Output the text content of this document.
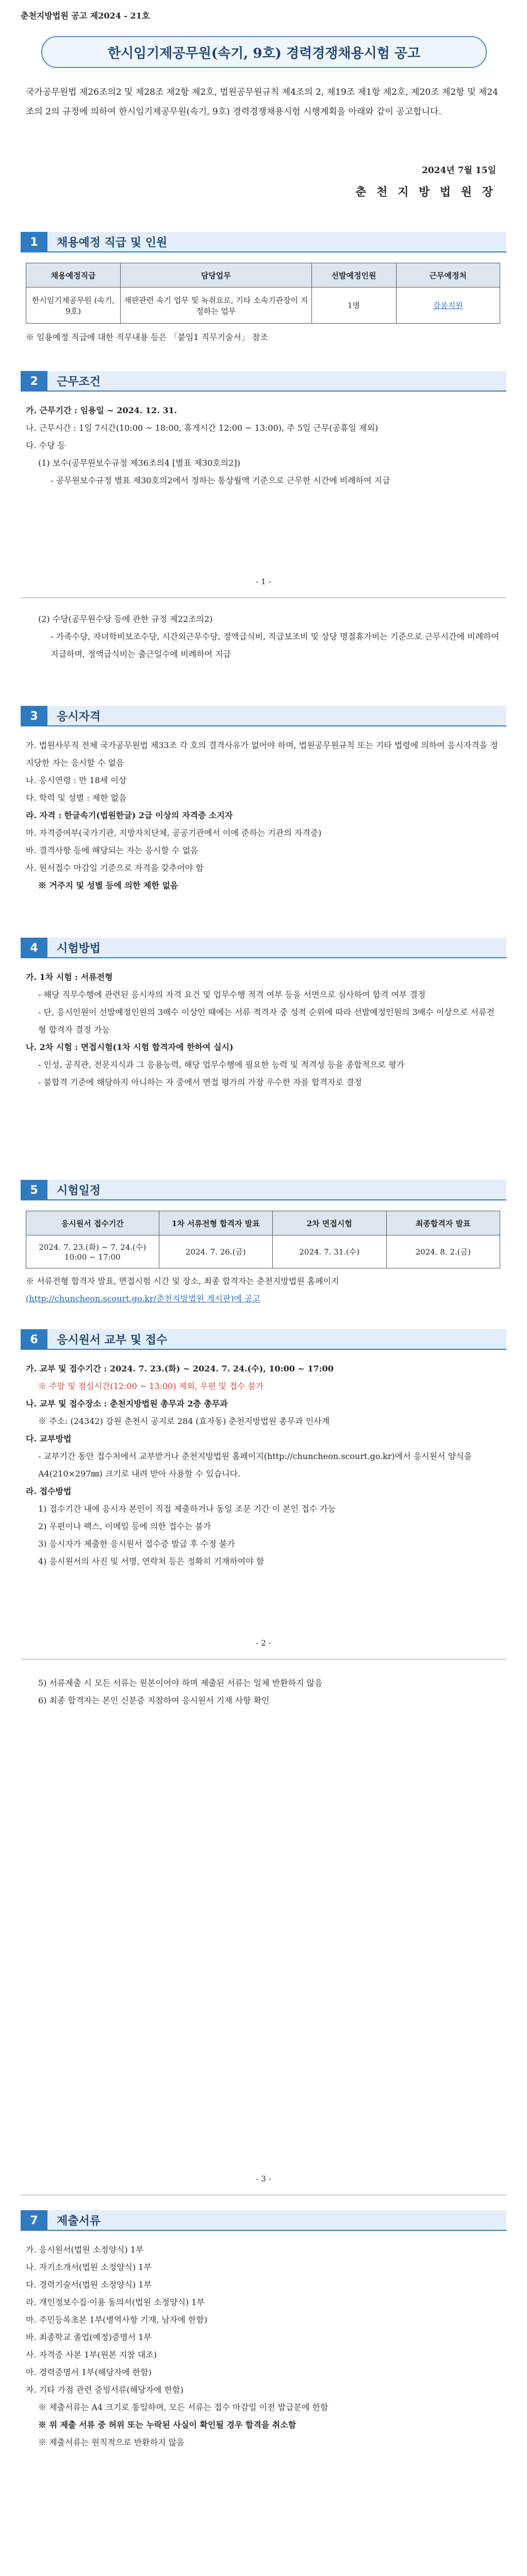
춘천지방법원 공고 제2024 - 21호
한시임기제공무원(속기, 9호) 경력경쟁채용시험 공고
국가공무원법 제26조의2 및 제28조 제2항 제2호, 법원공무원규칙 제4조의 2, 제19조 제1항 제2호, 제20조 제2항 및 제24조의 2의 규정에 의하여 한시임기제공무원(속기, 9호) 경력경쟁채용시험 시행계획을 아래와 같이 공고합니다.
2024년 7월 15일
춘 천 지 방 법 원 장
1	채용예정 직급 및 인원
채용예정직급	담당업무	선발예정인원	근무예정처
한시임기제공무원 (속기, 9호)	재판관련 속기 업무 및 녹취요로, 기타 소속기관장이 지정하는 업무	1명	강릉지원
※ 임용예정 직급에 대한 직무내용 등은 「붙임1 직무기술서」 참조
2	근무조건

가. 근무기간 : 임용일 ~ 2024. 12. 31.

나. 근무시간 : 1일 7시간(10:00 ~ 18:00, 휴게시간 12:00 ~ 13:00), 주 5일 근무(공휴일 제외)

다. 수당 등

(1) 보수(공무원보수규정 제36조의4 [별표 제30호의2])

- 공무원보수규정 별표 제30호의2에서 정하는 통상월액 기준으로 근무한 시간에 비례하여 지급

- 1 -

(2) 수당(공무원수당 등에 관한 규정 제22조의2)

- 가족수당, 자녀학비보조수당, 시간외근무수당, 정액급식비, 직급보조비 및 상당 명절휴가비는 기준으로 근무시간에 비례하여 지급하며, 정액급식비는 출근일수에 비례하여 지급

3	응시자격

가. 법원사무직 전체 국가공무원법 제33조 각 호의 결격사유가 없어야 하며, 법원공무원규칙 또는 기타 법령에 의하여 응시자격을 정지당한 자는 응시할 수 없음

나. 응시연령 : 만 18세 이상

다. 학력 및 성별 : 제한 없음

라. 자격 : 한글속기(법원한글) 2급 이상의 자격증 소지자

마. 자격증여부(국가기관, 지방자치단체, 공공기관에서 이에 준하는 기관의 자격증)

바. 결격사항 등에 해당되는 자는 응시할 수 없음

사. 원서접수 마감일 기준으로 자격을 갖추어야 함

※ 거주지 및 성별 등에 의한 제한 없음

4	시험방법

가. 1차 시험 : 서류전형

- 해당 직무수행에 관련된 응시자의 자격 요건 및 업무수행 적격 여부 등을 서면으로 심사하여 합격 여부 결정

- 단, 응시인원이 선발예정인원의 3배수 이상인 때에는 서류 적격자 중 성적 순위에 따라 선발예정인원의 3배수 이상으로 서류전형 합격자 결정 가능

나. 2차 시험 : 면접시험(1차 시험 합격자에 한하여 실시)

- 인성, 공직관, 전문지식과 그 응용능력, 해당 업무수행에 필요한 능력 및 적격성 등을 종합적으로 평가

- 불합격 기준에 해당하지 아니하는 자 중에서 면접 평가의 가장 우수한 자를 합격자로 결정

5	시험일정
응시원서 접수기간	1차 서류전형 합격자 발표	2차 면접시험	최종합격자 발표
2024. 7. 23.(화) ~ 7. 24.(수) 10:00 ~ 17:00	2024. 7. 26.(금)	2024. 7. 31.(수)	2024. 8. 2.(금)

※ 서류전형 합격자 발표, 면접시험 시간 및 장소, 최종 합격자는 춘천지방법원 홈페이지

(http://chuncheon.scourt.go.kr/춘천지방법원 게시판)에 공고

6	응시원서 교부 및 접수

가. 교부 및 접수기간 : 2024. 7. 23.(화) ~ 2024. 7. 24.(수), 10:00 ~ 17:00

※ 주말 및 점심시간(12:00 ~ 13:00) 제외, 우편 및 접수 불가

나. 교부 및 접수장소 : 춘천지방법원 총무과 2층 총무과

※ 주소: (24342) 강원 춘천시 공지로 284 (효자동) 춘천지방법원 총무과 인사계

다. 교부방법

- 교부기간 동안 접수처에서 교부받거나 춘천지방법원 홈페이지(http://chuncheon.scourt.go.kr)에서 응시원서 양식을 A4(210×297㎜) 크기로 내려 받아 사용할 수 있습니다.

라. 접수방법

1) 접수기간 내에 응시자 본인이 직접 제출하거나 동일 조문 기간 이 본인 접수 가능

2) 우편이나 팩스, 이메일 등에 의한 접수는 불가

3) 응시자가 제출한 응시원서 접수증 발급 후 수정 불가

4) 응시원서의 사진 및 서명, 연락처 등은 정확히 기재하여야 함

- 2 -

5) 서류제출 시 모든 서류는 원본이어야 하며 제출된 서류는 일체 반환하지 않음

6) 최종 합격자는 본인 신분증 지참하여 응시원서 기재 사항 확인

- 3 -
7	제출서류

가. 응시원서(법원 소정양식) 1부

나. 자기소개서(법원 소정양식) 1부

다. 경력기술서(법원 소정양식) 1부

라. 개인정보수집·이용 동의서(법원 소정양식) 1부

마. 주민등록초본 1부(병역사항 기재, 남자에 한함)

바. 최종학교 졸업(예정)증명서 1부

사. 자격증 사본 1부(원본 지참 대조)

아. 경력증명서 1부(해당자에 한함)

자. 기타 가점 관련 증빙서류(해당자에 한함)

※ 제출서류는 A4 크기로 통일하며, 모든 서류는 접수 마감일 이전 발급분에 한함

※ 위 제출 서류 중 허위 또는 누락된 사실이 확인될 경우 합격을 취소함

※ 제출서류는 원칙적으로 반환하지 않음
